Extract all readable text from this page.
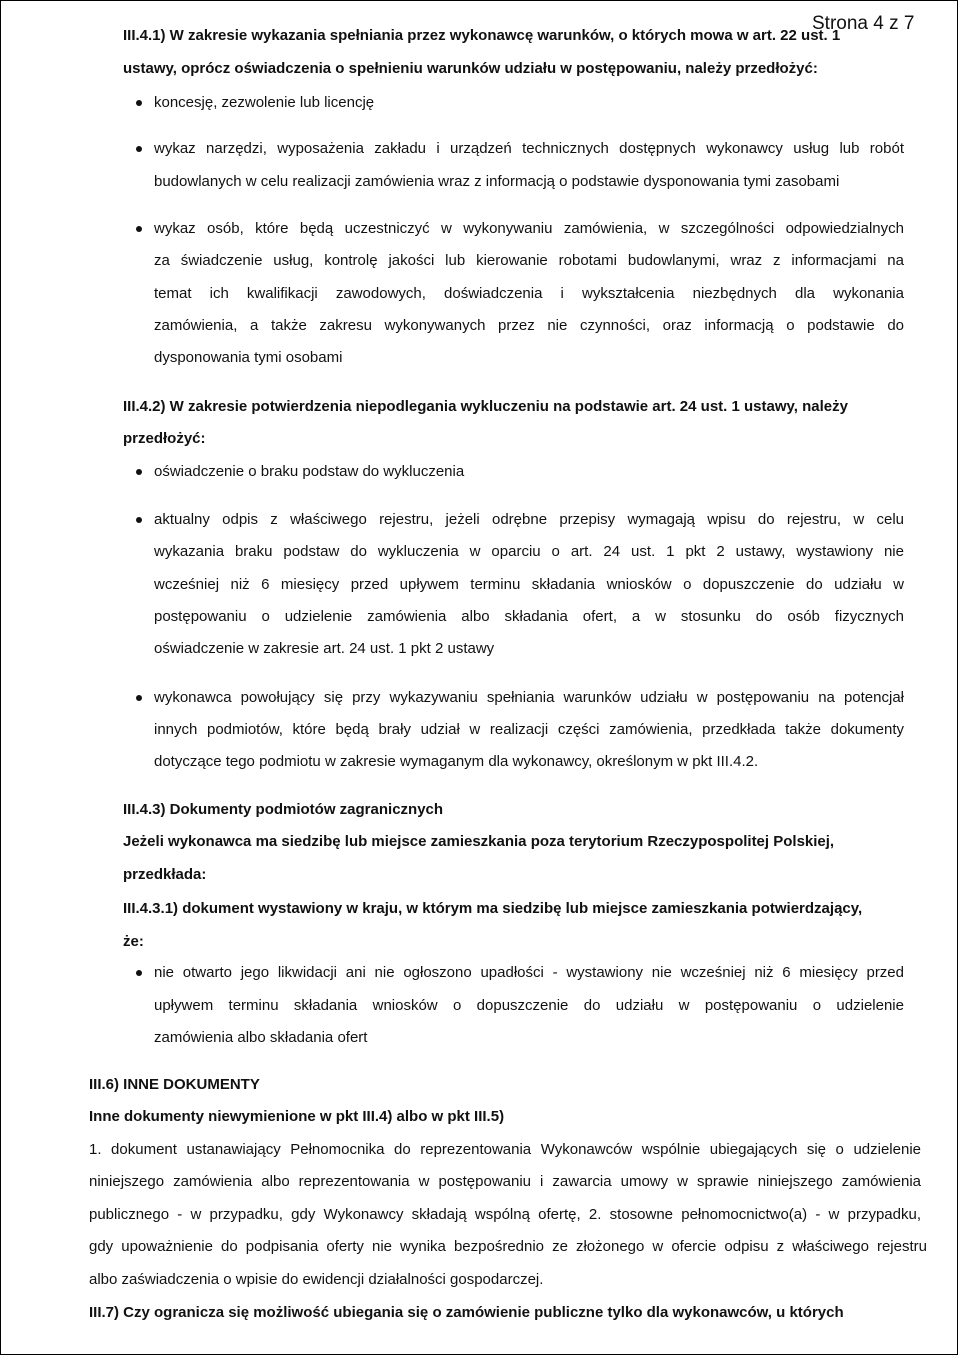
III.4.1) W zakresie wykazania spełniania przez wykonawcę warunków, o których mowa w art. 22 ust. 1
Strona 4 z 7
ustawy, oprócz oświadczenia o spełnieniu warunków udziału w postępowaniu, należy przedłożyć:
koncesję, zezwolenie lub licencję
wykaz narzędzi, wyposażenia zakładu i urządzeń technicznych dostępnych wykonawcy usług lub robót
budowlanych w celu realizacji zamówienia wraz z informacją o podstawie dysponowania tymi zasobami
wykaz osób, które będą uczestniczyć w wykonywaniu zamówienia, w szczególności odpowiedzialnych
za świadczenie usług, kontrolę jakości lub kierowanie robotami budowlanymi, wraz z informacjami na
temat ich kwalifikacji zawodowych, doświadczenia i wykształcenia niezbędnych dla wykonania
zamówienia, a także zakresu wykonywanych przez nie czynności, oraz informacją o podstawie do
dysponowania tymi osobami
III.4.2) W zakresie potwierdzenia niepodlegania wykluczeniu na podstawie art. 24 ust. 1 ustawy, należy
przedłożyć:
oświadczenie o braku podstaw do wykluczenia
aktualny odpis z właściwego rejestru, jeżeli odrębne przepisy wymagają wpisu do rejestru, w celu
wykazania braku podstaw do wykluczenia w oparciu o art. 24 ust. 1 pkt 2 ustawy, wystawiony nie
wcześniej niż 6 miesięcy przed upływem terminu składania wniosków o dopuszczenie do udziału w
postępowaniu o udzielenie zamówienia albo składania ofert, a w stosunku do osób fizycznych
oświadczenie w zakresie art. 24 ust. 1 pkt 2 ustawy
wykonawca powołujący się przy wykazywaniu spełniania warunków udziału w postępowaniu na potencjał
innych podmiotów, które będą brały udział w realizacji części zamówienia, przedkłada także dokumenty
dotyczące tego podmiotu w zakresie wymaganym dla wykonawcy, określonym w pkt III.4.2.
III.4.3) Dokumenty podmiotów zagranicznych
Jeżeli wykonawca ma siedzibę lub miejsce zamieszkania poza terytorium Rzeczypospolitej Polskiej,
przedkłada:
III.4.3.1) dokument wystawiony w kraju, w którym ma siedzibę lub miejsce zamieszkania potwierdzający,
że:
nie otwarto jego likwidacji ani nie ogłoszono upadłości - wystawiony nie wcześniej niż 6 miesięcy przed
upływem terminu składania wniosków o dopuszczenie do udziału w postępowaniu o udzielenie
zamówienia albo składania ofert
III.6) INNE DOKUMENTY
Inne dokumenty niewymienione w pkt III.4) albo w pkt III.5)
1. dokument ustanawiający Pełnomocnika do reprezentowania Wykonawców wspólnie ubiegających się o udzielenie
niniejszego zamówienia albo reprezentowania w postępowaniu i zawarcia umowy w sprawie niniejszego zamówienia
publicznego - w przypadku, gdy Wykonawcy składają wspólną ofertę, 2. stosowne pełnomocnictwo(a) - w przypadku,
gdy upoważnienie do podpisania oferty nie wynika bezpośrednio ze złożonego w ofercie odpisu z właściwego rejestru
albo zaświadczenia o wpisie do ewidencji działalności gospodarczej.
III.7) Czy ogranicza się możliwość ubiegania się o zamówienie publiczne tylko dla wykonawców, u których
